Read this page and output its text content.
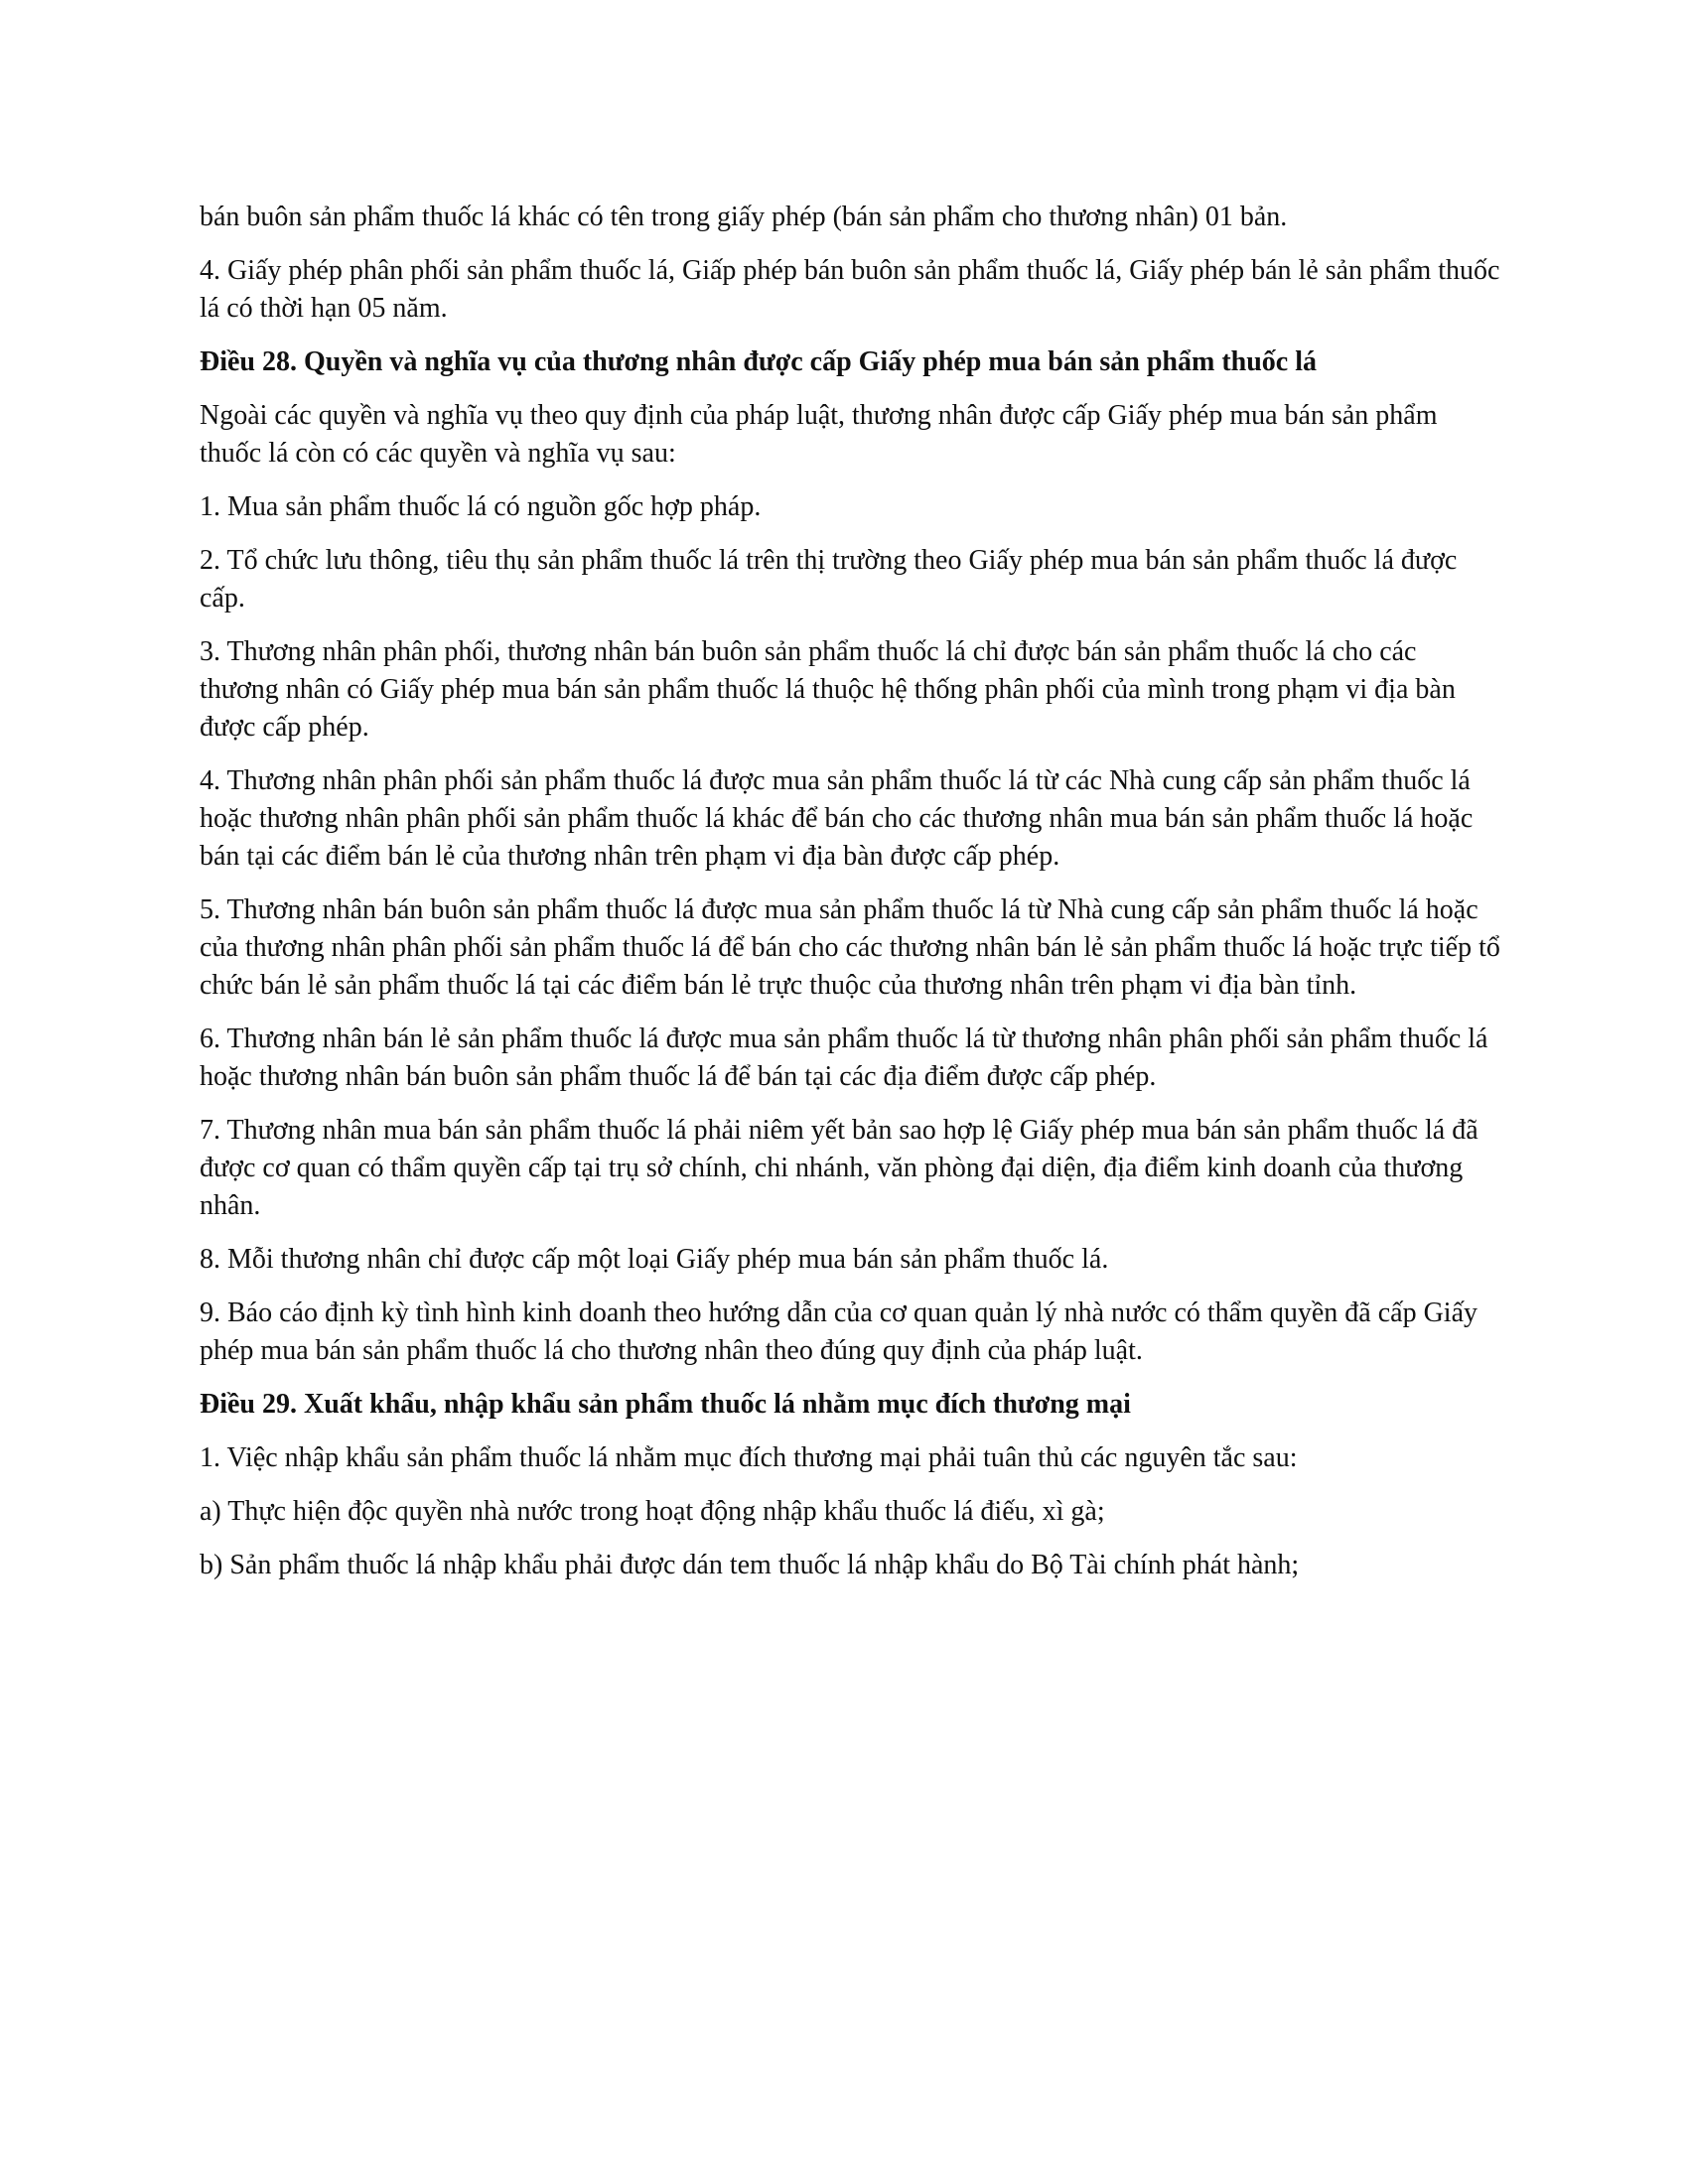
bán buôn sản phẩm thuốc lá khác có tên trong giấy phép (bán sản phẩm cho thương nhân) 01 bản.

4. Giấy phép phân phối sản phẩm thuốc lá, Giấp phép bán buôn sản phẩm thuốc lá, Giấy phép bán lẻ sản phẩm thuốc lá có thời hạn 05 năm.

Điều 28. Quyền và nghĩa vụ của thương nhân được cấp Giấy phép mua bán sản phẩm thuốc lá

Ngoài các quyền và nghĩa vụ theo quy định của pháp luật, thương nhân được cấp Giấy phép mua bán sản phẩm thuốc lá còn có các quyền và nghĩa vụ sau:

1. Mua sản phẩm thuốc lá có nguồn gốc hợp pháp.

2. Tổ chức lưu thông, tiêu thụ sản phẩm thuốc lá trên thị trường theo Giấy phép mua bán sản phẩm thuốc lá được cấp.

3. Thương nhân phân phối, thương nhân bán buôn sản phẩm thuốc lá chỉ được bán sản phẩm thuốc lá cho các thương nhân có Giấy phép mua bán sản phẩm thuốc lá thuộc hệ thống phân phối của mình trong phạm vi địa bàn được cấp phép.

4. Thương nhân phân phối sản phẩm thuốc lá được mua sản phẩm thuốc lá từ các Nhà cung cấp sản phẩm thuốc lá hoặc thương nhân phân phối sản phẩm thuốc lá khác để bán cho các thương nhân mua bán sản phẩm thuốc lá hoặc bán tại các điểm bán lẻ của thương nhân trên phạm vi địa bàn được cấp phép.

5. Thương nhân bán buôn sản phẩm thuốc lá được mua sản phẩm thuốc lá từ Nhà cung cấp sản phẩm thuốc lá hoặc của thương nhân phân phối sản phẩm thuốc lá để bán cho các thương nhân bán lẻ sản phẩm thuốc lá hoặc trực tiếp tổ chức bán lẻ sản phẩm thuốc lá tại các điểm bán lẻ trực thuộc của thương nhân trên phạm vi địa bàn tỉnh.

6. Thương nhân bán lẻ sản phẩm thuốc lá được mua sản phẩm thuốc lá từ thương nhân phân phối sản phẩm thuốc lá hoặc thương nhân bán buôn sản phẩm thuốc lá để bán tại các địa điểm được cấp phép.

7. Thương nhân mua bán sản phẩm thuốc lá phải niêm yết bản sao hợp lệ Giấy phép mua bán sản phẩm thuốc lá đã được cơ quan có thẩm quyền cấp tại trụ sở chính, chi nhánh, văn phòng đại diện, địa điểm kinh doanh của thương nhân.

8. Mỗi thương nhân chỉ được cấp một loại Giấy phép mua bán sản phẩm thuốc lá.

9. Báo cáo định kỳ tình hình kinh doanh theo hướng dẫn của cơ quan quản lý nhà nước có thẩm quyền đã cấp Giấy phép mua bán sản phẩm thuốc lá cho thương nhân theo đúng quy định của pháp luật.

Điều 29. Xuất khẩu, nhập khẩu sản phẩm thuốc lá nhằm mục đích thương mại

1. Việc nhập khẩu sản phẩm thuốc lá nhằm mục đích thương mại phải tuân thủ các nguyên tắc sau:

a) Thực hiện độc quyền nhà nước trong hoạt động nhập khẩu thuốc lá điếu, xì gà;

b) Sản phẩm thuốc lá nhập khẩu phải được dán tem thuốc lá nhập khẩu do Bộ Tài chính phát hành;
